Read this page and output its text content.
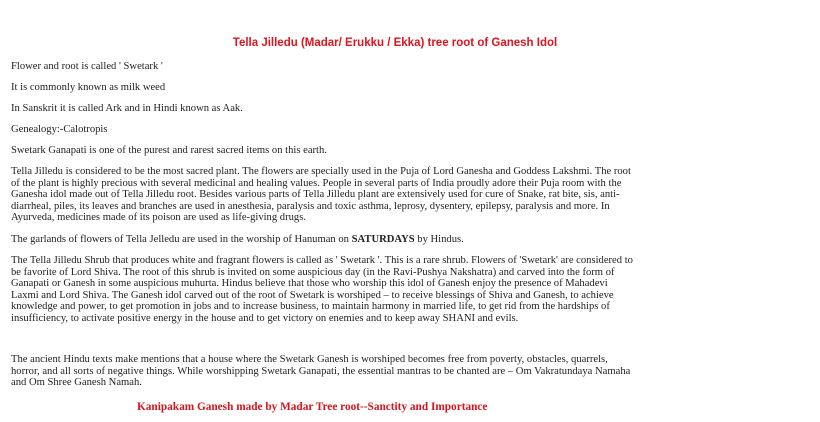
Tella Jilledu (Madar/ Erukku / Ekka) tree root of Ganesh Idol

Flower and root is called ' Swetark '

It is commonly known as milk weed

In Sanskrit it is called Ark and in Hindi known as Aak.

Genealogy:-Calotropis

Swetark Ganapati is one of the purest and rarest sacred items on this earth.

Tella Jilledu is considered to be the most sacred plant. The flowers are specially used in the Puja of Lord Ganesha and Goddess Lakshmi. The root
of the plant is highly precious with several medicinal and healing values. People in several parts of India proudly adore their Puja room with the
Ganesha idol made out of Tella Jilledu root. Besides various parts of Tella Jilledu plant are extensively used for cure of Snake, rat bite, sis, anti-
diarrheal, piles, its leaves and branches are used in anesthesia, paralysis and toxic asthma, leprosy, dysentery, epilepsy, paralysis and more. In
Ayurveda, medicines made of its poison are used as life-giving drugs.

The garlands of flowers of Tella Jelledu are used in the worship of Hanuman on SATURDAYS by Hindus.

The Tella Jilledu Shrub that produces white and fragrant flowers is called as ' Swetark '. This is a rare shrub. Flowers of 'Swetark' are considered to
be favorite of Lord Shiva. The root of this shrub is invited on some auspicious day (in the Ravi-Pushya Nakshatra) and carved into the form of
Ganapati or Ganesh in some auspicious muhurta. Hindus believe that those who worship this idol of Ganesh enjoy the presence of Mahadevi
Laxmi and Lord Shiva. The Ganesh idol carved out of the root of Swetark is worshiped – to receive blessings of Shiva and Ganesh, to achieve
knowledge and power, to get promotion in jobs and to increase business, to maintain harmony in married life, to get rid from the hardships of
insufficiency, to activate positive energy in the house and to get victory on enemies and to keep away SHANI and evils.

The ancient Hindu texts make mentions that a house where the Swetark Ganesh is worshiped becomes free from poverty, obstacles, quarrels,
horror, and all sorts of negative things. While worshipping Swetark Ganapati, the essential mantras to be chanted are – Om Vakratundaya Namaha
and Om Shree Ganesh Namah.

Kanipakam Ganesh made by Madar Tree root--Sanctity and Importance
